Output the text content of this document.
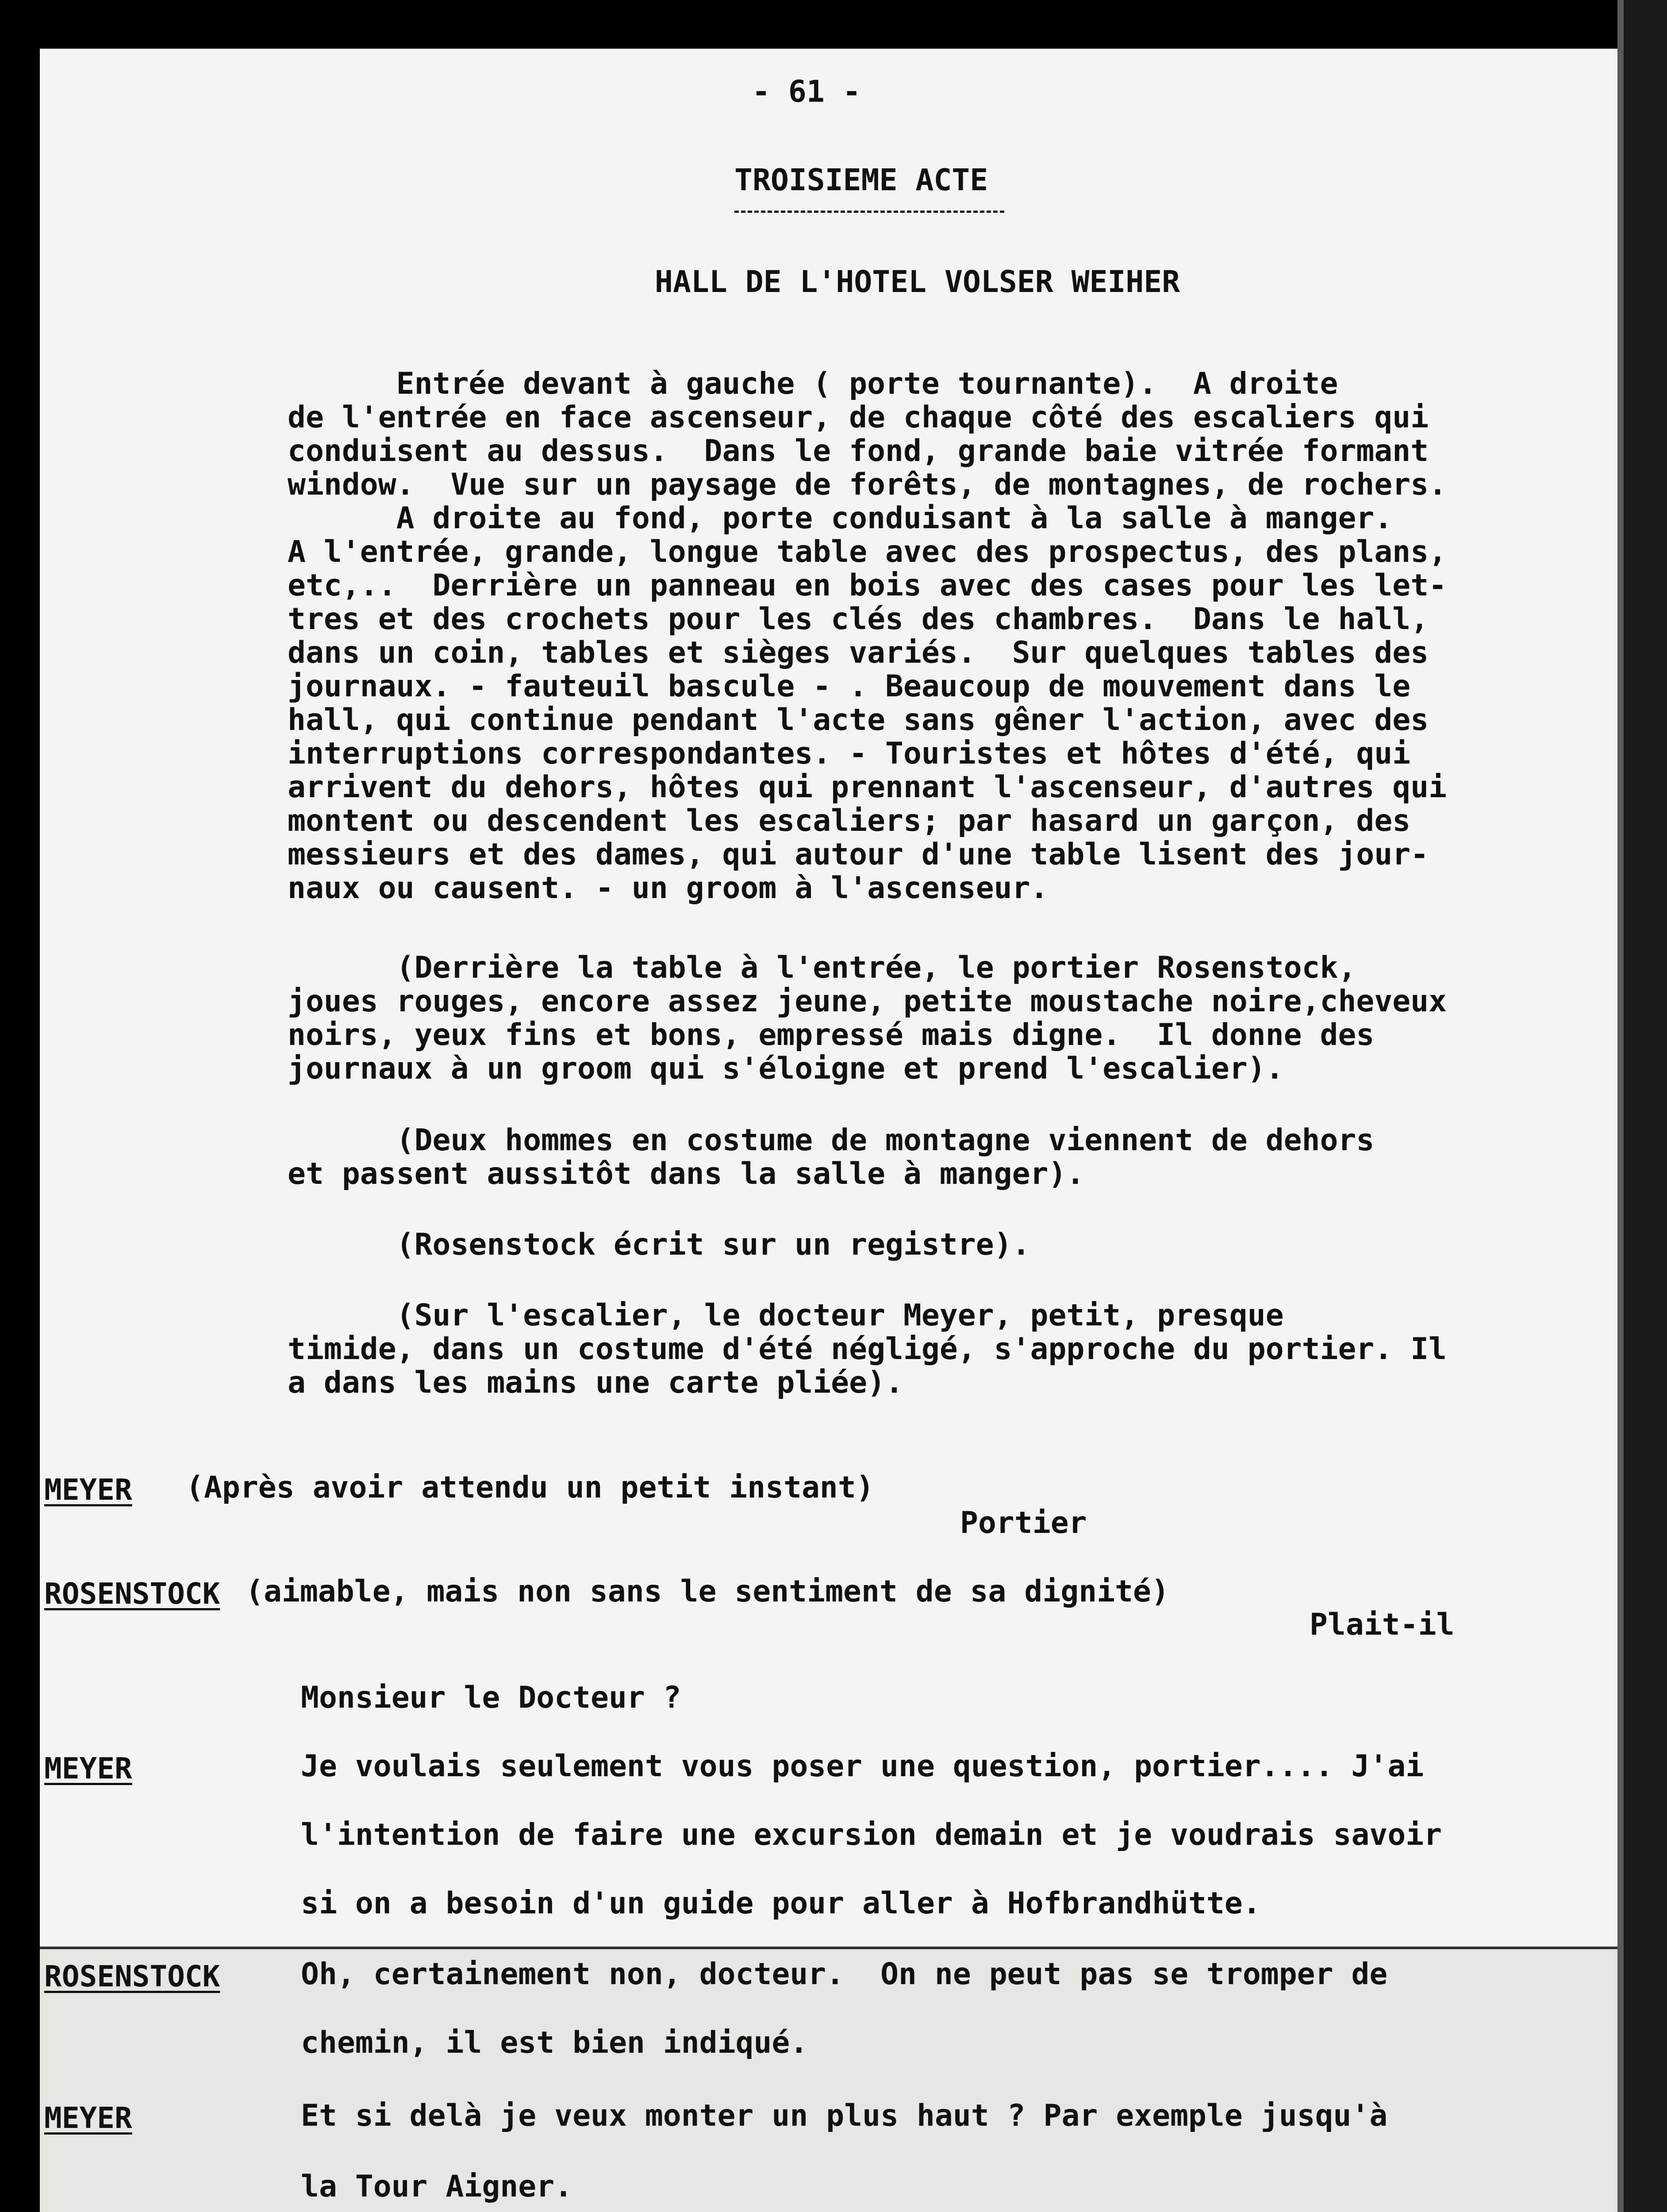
- 61 -
TROISIEME ACTE
HALL DE L'HOTEL VOLSER WEIHER
Entrée devant à gauche ( porte tournante).  A droite
de l'entrée en face ascenseur, de chaque côté des escaliers qui
conduisent au dessus.  Dans le fond, grande baie vitrée formant
window.  Vue sur un paysage de forêts, de montagnes, de rochers.
A droite au fond, porte conduisant à la salle à manger.
A l'entrée, grande, longue table avec des prospectus, des plans,
etc,..  Derrière un panneau en bois avec des cases pour les let-
tres et des crochets pour les clés des chambres.  Dans le hall,
dans un coin, tables et sièges variés.  Sur quelques tables des
journaux. - fauteuil bascule - . Beaucoup de mouvement dans le
hall, qui continue pendant l'acte sans gêner l'action, avec des
interruptions correspondantes. - Touristes et hôtes d'été, qui
arrivent du dehors, hôtes qui prennant l'ascenseur, d'autres qui
montent ou descendent les escaliers; par hasard un garçon, des
messieurs et des dames, qui autour d'une table lisent des jour-
naux ou causent. - un groom à l'ascenseur.
(Derrière la table à l'entrée, le portier Rosenstock,
joues rouges, encore assez jeune, petite moustache noire,cheveux
noirs, yeux fins et bons, empressé mais digne.  Il donne des
journaux à un groom qui s'éloigne et prend l'escalier).
(Deux hommes en costume de montagne viennent de dehors
et passent aussitôt dans la salle à manger).
(Rosenstock écrit sur un registre).
(Sur l'escalier, le docteur Meyer, petit, presque
timide, dans un costume d'été négligé, s'approche du portier. Il
a dans les mains une carte pliée).
MEYER (Après avoir attendu un petit instant)
Portier
ROSENSTOCK (aimable, mais non sans le sentiment de sa dignité)
Plait-il
Monsieur le Docteur ?
MEYER	Je voulais seulement vous poser une question, portier.... J'ai
l'intention de faire une excursion demain et je voudrais savoir
si on a besoin d'un guide pour aller à Hofbrandhütte.
ROSENSTOCK	Oh, certainement non, docteur.  On ne peut pas se tromper de
chemin, il est bien indiqué.
MEYER	Et si delà je veux monter un plus haut ? Par exemple jusqu'à
la Tour Aigner.
